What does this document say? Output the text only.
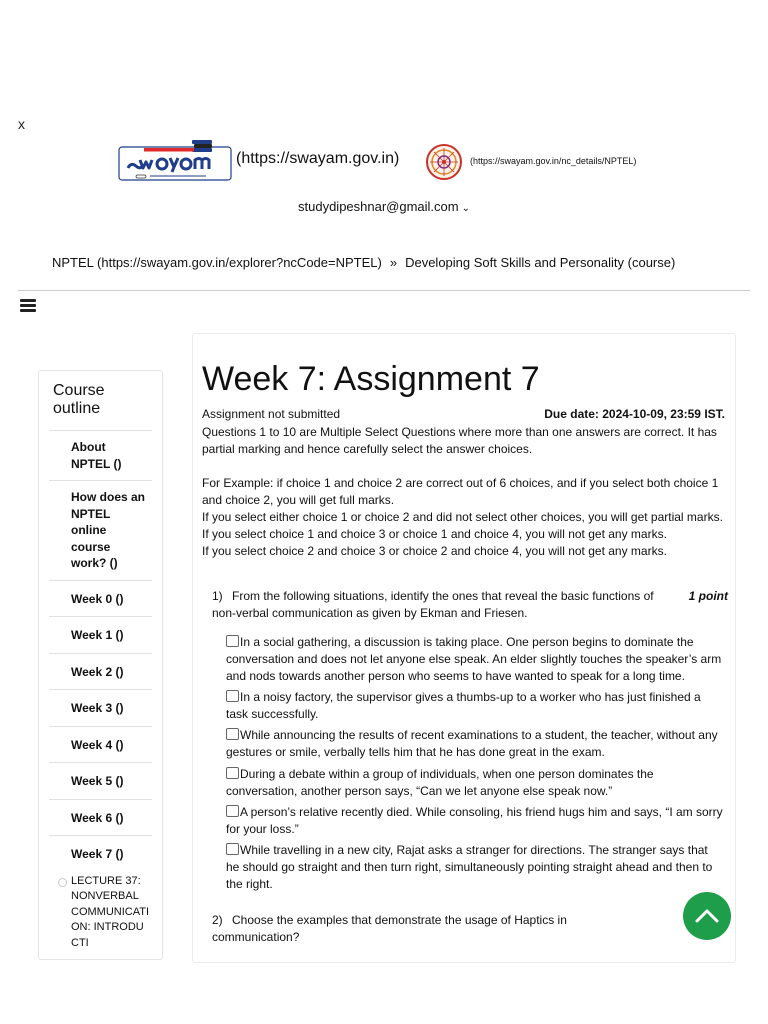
x
(https://swayam.gov.in)	(https://swayam.gov.in/nc_details/NPTEL)
studydipeshnar@gmail.com ⌄
NPTEL (https://swayam.gov.in/explorer?ncCode=NPTEL) » Developing Soft Skills and Personality (course)
Course outline
About NPTEL ()
How does an NPTEL online course work? ()
Week 0 ()
Week 1 ()
Week 2 ()
Week 3 ()
Week 4 ()
Week 5 ()
Week 6 ()
Week 7 ()
LECTURE 37: NONVERBAL COMMUNICATION: INTRODUCTI
Week 7: Assignment 7
Assignment not submitted	Due date: 2024-10-09, 23:59 IST.

Questions 1 to 10 are Multiple Select Questions where more than one answers are correct. It has partial marking and hence carefully select the answer choices.

For Example: if choice 1 and choice 2 are correct out of 6 choices, and if you select both choice 1 and choice 2, you will get full marks.

If you select either choice 1 or choice 2 and did not select other choices, you will get partial marks.

If you select choice 1 and choice 3 or choice 1 and choice 4, you will not get any marks.

If you select choice 2 and choice 3 or choice 2 and choice 4, you will not get any marks.

1) From the following situations, identify the ones that reveal the basic functions of non-verbal communication as given by Ekman and Friesen.
1 point
In a social gathering, a discussion is taking place. One person begins to dominate the conversation and does not let anyone else speak. An elder slightly touches the speaker’s arm and nods towards another person who seems to have wanted to speak for a long time.
In a noisy factory, the supervisor gives a thumbs-up to a worker who has just finished a task successfully.
While announcing the results of recent examinations to a student, the teacher, without any gestures or smile, verbally tells him that he has done great in the exam.
During a debate within a group of individuals, when one person dominates the conversation, another person says, “Can we let anyone else speak now.”
A person’s relative recently died. While consoling, his friend hugs him and says, “I am sorry for your loss.”
While travelling in a new city, Rajat asks a stranger for directions. The stranger says that he should go straight and then turn right, simultaneously pointing straight ahead and then to the right.
2) Choose the examples that demonstrate the usage of Haptics in communication?
